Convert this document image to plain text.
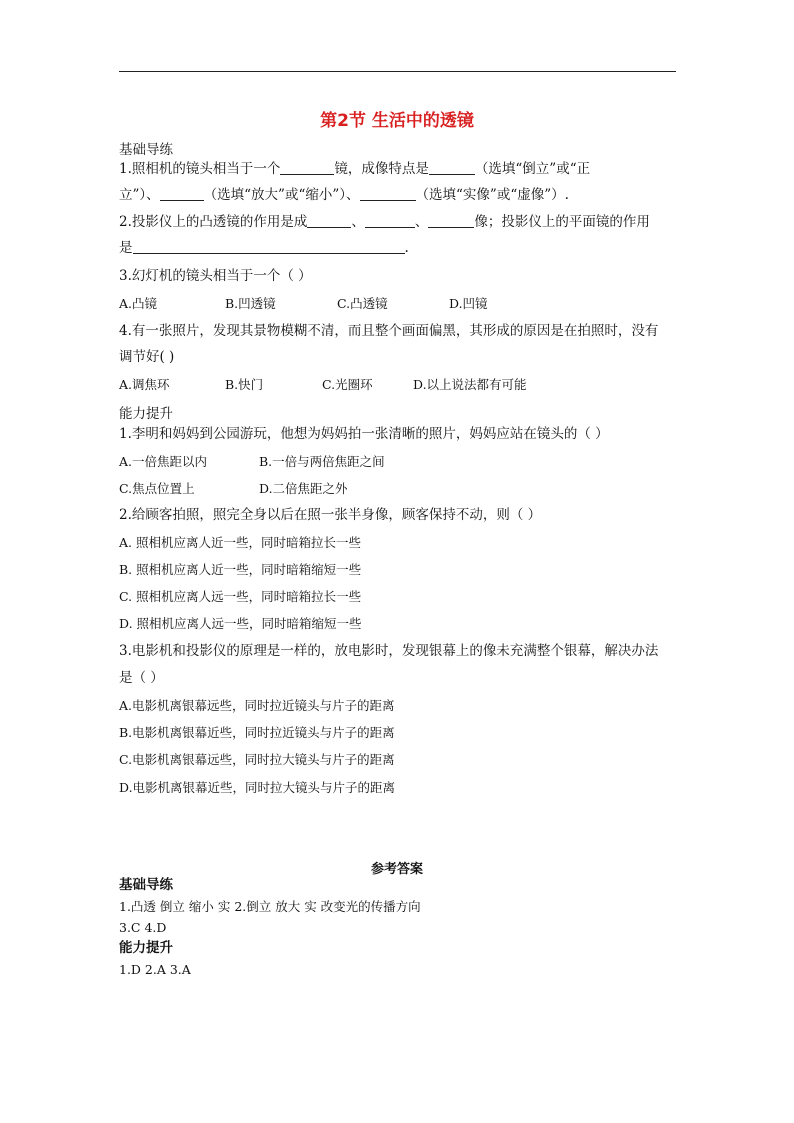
第2节 生活中的透镜
基础导练
1.照相机的镜头相当于一个	镜，成像特点是	（选填“倒立”或“正
立”）、	（选填“放大”或“缩小”）、	（选填“实像”或“虚像”）.
2.投影仪上的凸透镜的作用是成	、	、	像；投影仪上的平面镜的作用
是	.
3.幻灯机的镜头相当于一个（ ）
A.凸镜	B.凹透镜	C.凸透镜	D.凹镜
4.有一张照片，发现其景物模糊不清，而且整个画面偏黑，其形成的原因是在拍照时，没有
调节好( )
A.调焦环	B.快门	C.光圈环	D.以上说法都有可能
能力提升
1.李明和妈妈到公园游玩，他想为妈妈拍一张清晰的照片，妈妈应站在镜头的（ ）
A.一倍焦距以内	B.一倍与两倍焦距之间
C.焦点位置上	D.二倍焦距之外
2.给顾客拍照，照完全身以后在照一张半身像，顾客保持不动，则（ ）
A. 照相机应离人近一些，同时暗箱拉长一些
B. 照相机应离人近一些，同时暗箱缩短一些
C. 照相机应离人远一些，同时暗箱拉长一些
D. 照相机应离人远一些，同时暗箱缩短一些
3.电影机和投影仪的原理是一样的，放电影时，发现银幕上的像未充满整个银幕，解决办法
是（ ）
A.电影机离银幕远些，同时拉近镜头与片子的距离
B.电影机离银幕近些，同时拉近镜头与片子的距离
C.电影机离银幕远些，同时拉大镜头与片子的距离
D.电影机离银幕近些，同时拉大镜头与片子的距离
参考答案
基础导练
1.凸透 倒立 缩小 实 2.倒立 放大 实 改变光的传播方向
3.C 4.D
能力提升
1.D 2.A 3.A
